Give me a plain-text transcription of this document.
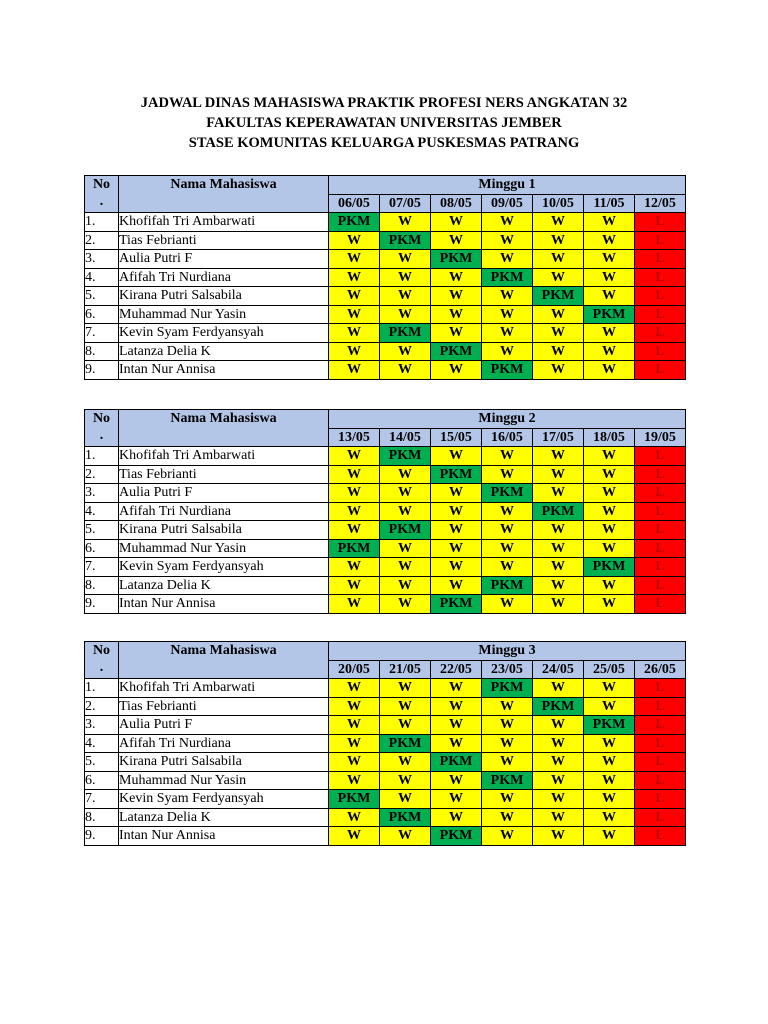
JADWAL DINAS MAHASISWA PRAKTIK PROFESI NERS ANGKATAN 32
FAKULTAS KEPERAWATAN UNIVERSITAS JEMBER
STASE KOMUNITAS KELUARGA PUSKESMAS PATRANG
No
.	Nama Mahasiswa	Minggu 1						
		06/05	07/05	08/05	09/05	10/05	11/05	12/05
1.	Khofifah Tri Ambarwati	PKM	W	W	W	W	W	L
2.	Tias Febrianti	W	PKM	W	W	W	W	L
3.	Aulia Putri F	W	W	PKM	W	W	W	L
4.	Afifah Tri Nurdiana	W	W	W	PKM	W	W	L
5.	Kirana Putri Salsabila	W	W	W	W	PKM	W	L
6.	Muhammad Nur Yasin	W	W	W	W	W	PKM	L
7.	Kevin Syam Ferdyansyah	W	PKM	W	W	W	W	L
8.	Latanza Delia K	W	W	PKM	W	W	W	L
9.	Intan Nur Annisa	W	W	W	PKM	W	W	L
No
.	Nama Mahasiswa	Minggu 2						
		13/05	14/05	15/05	16/05	17/05	18/05	19/05
1.	Khofifah Tri Ambarwati	W	PKM	W	W	W	W	L
2.	Tias Febrianti	W	W	PKM	W	W	W	L
3.	Aulia Putri F	W	W	W	PKM	W	W	L
4.	Afifah Tri Nurdiana	W	W	W	W	PKM	W	L
5.	Kirana Putri Salsabila	W	PKM	W	W	W	W	L
6.	Muhammad Nur Yasin	PKM	W	W	W	W	W	L
7.	Kevin Syam Ferdyansyah	W	W	W	W	W	PKM	L
8.	Latanza Delia K	W	W	W	PKM	W	W	L
9.	Intan Nur Annisa	W	W	PKM	W	W	W	L
No
.	Nama Mahasiswa	Minggu 3						
		20/05	21/05	22/05	23/05	24/05	25/05	26/05
1.	Khofifah Tri Ambarwati	W	W	W	PKM	W	W	L
2.	Tias Febrianti	W	W	W	W	PKM	W	L
3.	Aulia Putri F	W	W	W	W	W	PKM	L
4.	Afifah Tri Nurdiana	W	PKM	W	W	W	W	L
5.	Kirana Putri Salsabila	W	W	PKM	W	W	W	L
6.	Muhammad Nur Yasin	W	W	W	PKM	W	W	L
7.	Kevin Syam Ferdyansyah	PKM	W	W	W	W	W	L
8.	Latanza Delia K	W	PKM	W	W	W	W	L
9.	Intan Nur Annisa	W	W	PKM	W	W	W	L
